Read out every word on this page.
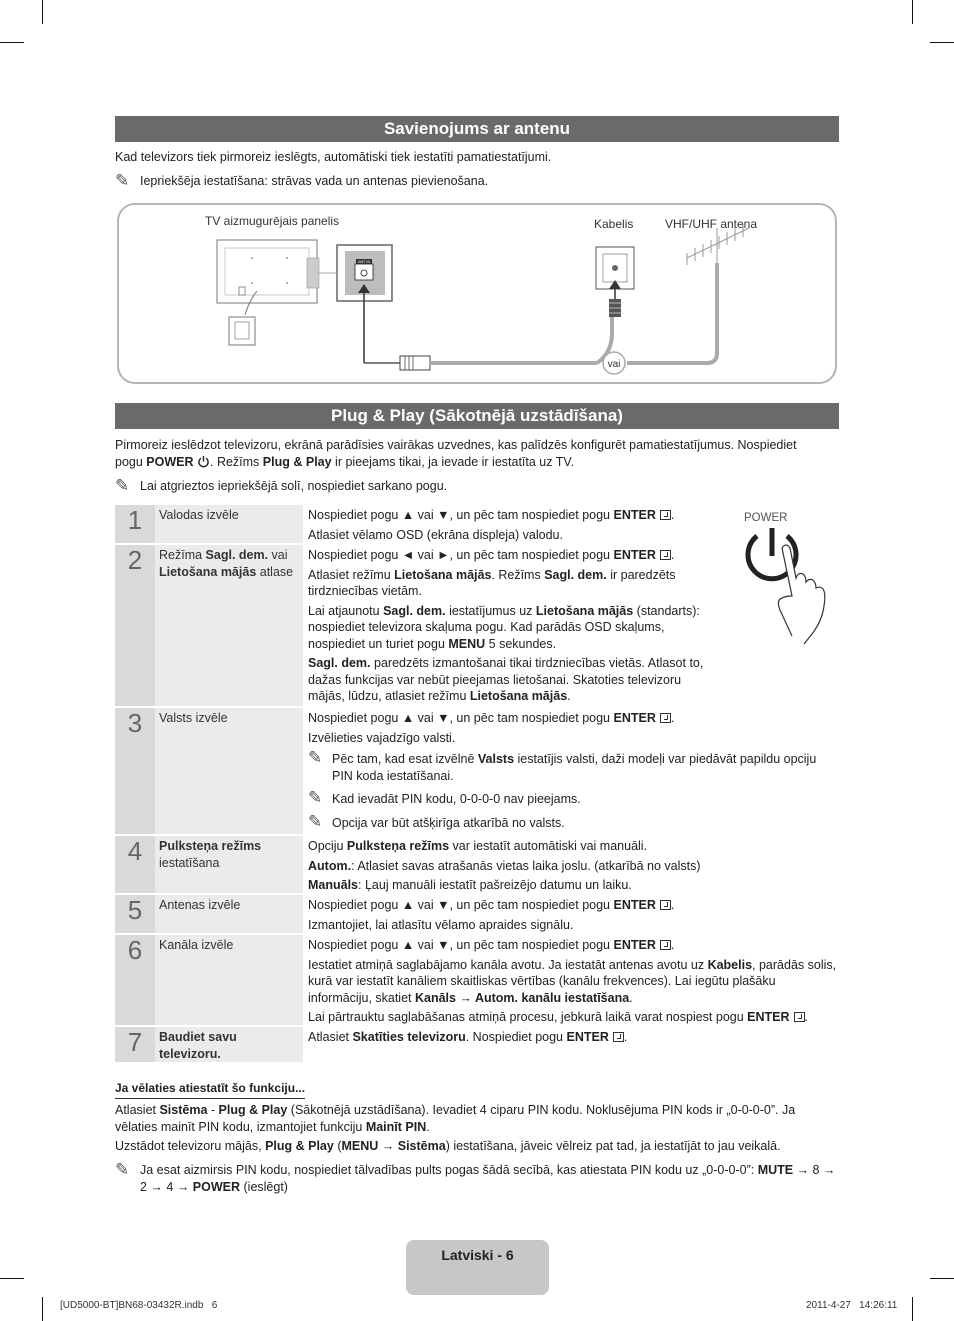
Savienojums ar antenu
Kad televizors tiek pirmoreiz ieslēgts, automātiski tiek iestatīti pamatiestatījumi.
✎ Iepriekšēja iestatīšana: strāvas vada un antenas pievienošana.
TV aizmugurējais panelis	Kabelis	VHF/UHF antena
ANT IN
vai
Plug & Play (Sākotnējā uzstādīšana)
Pirmoreiz ieslēdzot televizoru, ekrānā parādīsies vairākas uzvednes, kas palīdzēs konfigurēt pamatiestatījumus. Nospiediet
pogu POWER . Režīms Plug & Play ir pieejams tikai, ja ievade ir iestatīta uz TV.
✎ Lai atgrieztos iepriekšējā solī, nospiediet sarkano pogu.
POWER
1	Valodas izvēle	Nospiediet pogu ▲ vai ▼, un pēc tam nospiediet pogu ENTER .
Atlasiet vēlamo OSD (ekrāna displeja) valodu.
2	Režīma Sagl. dem. vai
Lietošana mājās atlase
Nospiediet pogu ◄ vai ►, un pēc tam nospiediet pogu ENTER .
Atlasiet režīmu Lietošana mājās. Režīms Sagl. dem. ir paredzēts tirdzniecības vietām.
Lai atjaunotu Sagl. dem. iestatījumus uz Lietošana mājās (standarts): nospiediet televizora skaļuma pogu. Kad parādās OSD skaļums, nospiediet un turiet pogu MENU 5 sekundes.
Sagl. dem. paredzēts izmantošanai tikai tirdzniecības vietās. Atlasot to, dažas funkcijas var nebūt pieejamas lietošanai. Skatoties televizoru mājās, lūdzu, atlasiet režīmu Lietošana mājās.
3	Valsts izvēle	Nospiediet pogu ▲ vai ▼, un pēc tam nospiediet pogu ENTER .
Izvēlieties vajadzīgo valsti.
✎ Pēc tam, kad esat izvēlnē Valsts iestatījis valsti, daži modeļi var piedāvāt papildu opciju PIN koda iestatīšanai.
✎ Kad ievadāt PIN kodu, 0-0-0-0 nav pieejams.
✎ Opcija var būt atšķirīga atkarībā no valsts.
4	Pulksteņa režīms
iestatīšana
Opciju Pulksteņa režīms var iestatīt automātiski vai manuāli.
Autom.: Atlasiet savas atrašanās vietas laika joslu. (atkarībā no valsts)
Manuāls: Ļauj manuāli iestatīt pašreizējo datumu un laiku.
5	Antenas izvēle	Nospiediet pogu ▲ vai ▼, un pēc tam nospiediet pogu ENTER .
Izmantojiet, lai atlasītu vēlamo apraides signālu.
6	Kanāla izvēle	Nospiediet pogu ▲ vai ▼, un pēc tam nospiediet pogu ENTER .
Iestatiet atmiņā saglabājamo kanāla avotu. Ja iestatāt antenas avotu uz Kabelis, parādās solis, kurā var iestatīt kanāliem skaitliskas vērtības (kanālu frekvences). Lai iegūtu plašāku informāciju, skatiet Kanāls → Autom. kanālu iestatīšana.
Lai pārtrauktu saglabāšanas atmiņā procesu, jebkurā laikā varat nospiest pogu ENTER .
7	Baudiet savu
televizoru.
Atlasiet Skatīties televizoru. Nospiediet pogu ENTER .
Ja vēlaties atiestatīt šo funkciju...
Atlasiet Sistēma - Plug & Play (Sākotnējā uzstādīšana). Ievadiet 4 ciparu PIN kodu. Noklusējuma PIN kods ir „0-0-0-0”. Ja vēlaties mainīt PIN kodu, izmantojiet funkciju Mainīt PIN.
Uzstādot televizoru mājās, Plug & Play (MENU → Sistēma) iestatīšana, jāveic vēlreiz pat tad, ja iestatījāt to jau veikalā.
✎ Ja esat aizmirsis PIN kodu, nospiediet tālvadības pults pogas šādā secībā, kas atiestata PIN kodu uz „0-0-0-0”: MUTE → 8 → 2 → 4 → POWER (ieslēgt)
Latviski - 6
[UD5000-BT]BN68-03432R.indb   6	2011-4-27   14:26:11
